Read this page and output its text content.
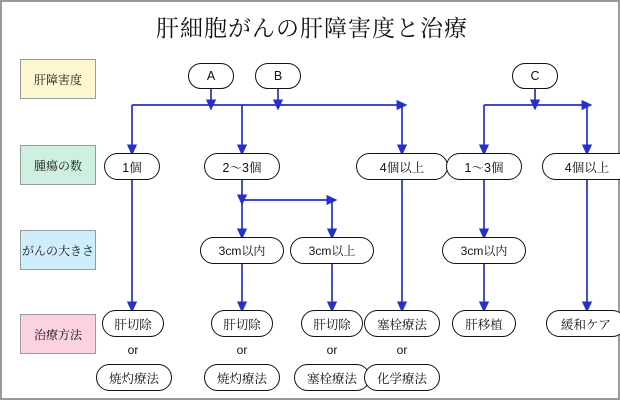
肝細胞がんの肝障害度と治療
肝障害度
腫瘍の数
がんの大きさ
治療方法
A	B	C
1個	2〜3個	4個以上	1〜3個	4個以上
3cm以内	3cm以上	3cm以内
肝切除
or
焼灼療法
肝切除
or
焼灼療法
肝切除
or
塞栓療法
塞栓療法
or
化学療法
肝移植	緩和ケア
